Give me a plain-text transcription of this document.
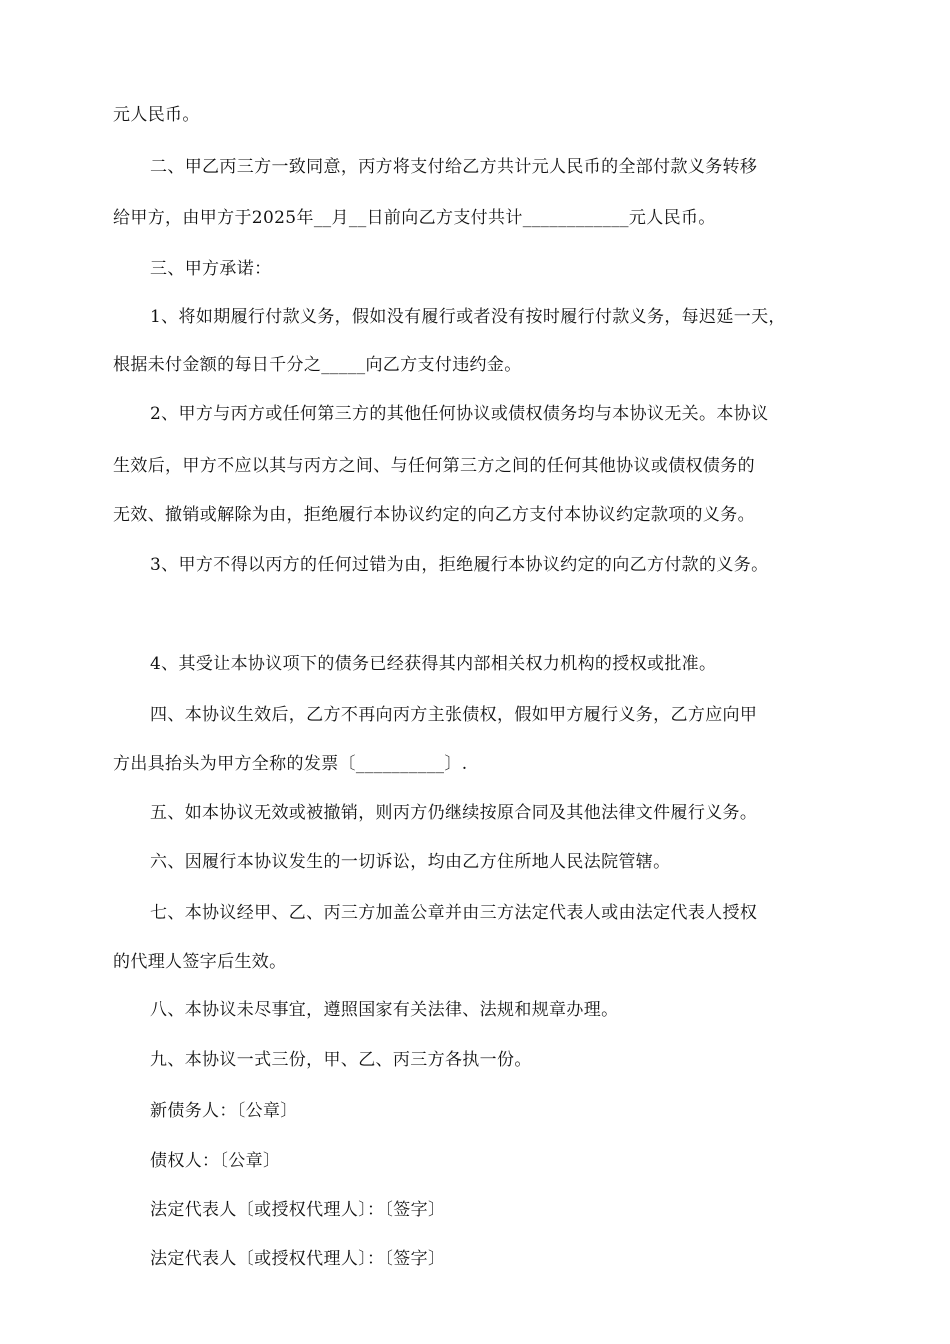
元人民币。
二、甲乙丙三方一致同意，丙方将支付给乙方共计元人民币的全部付款义务转移
给甲方，由甲方于2025年__月__日前向乙方支付共计____________元人民币。
三、甲方承诺：
1、将如期履行付款义务，假如没有履行或者没有按时履行付款义务，每迟延一天，
根据未付金额的每日千分之_____向乙方支付违约金。
2、甲方与丙方或任何第三方的其他任何协议或债权债务均与本协议无关。本协议
生效后，甲方不应以其与丙方之间、与任何第三方之间的任何其他协议或债权债务的
无效、撤销或解除为由，拒绝履行本协议约定的向乙方支付本协议约定款项的义务。
3、甲方不得以丙方的任何过错为由，拒绝履行本协议约定的向乙方付款的义务。
4、其受让本协议项下的债务已经获得其内部相关权力机构的授权或批准。
四、本协议生效后，乙方不再向丙方主张债权，假如甲方履行义务，乙方应向甲
方出具抬头为甲方全称的发票〔__________〕.
五、如本协议无效或被撤销，则丙方仍继续按原合同及其他法律文件履行义务。
六、因履行本协议发生的一切诉讼，均由乙方住所地人民法院管辖。
七、本协议经甲、乙、丙三方加盖公章并由三方法定代表人或由法定代表人授权
的代理人签字后生效。
八、本协议未尽事宜，遵照国家有关法律、法规和规章办理。
九、本协议一式三份，甲、乙、丙三方各执一份。
新债务人：〔公章〕
债权人：〔公章〕
法定代表人〔或授权代理人〕：〔签字〕
法定代表人〔或授权代理人〕：〔签字〕
